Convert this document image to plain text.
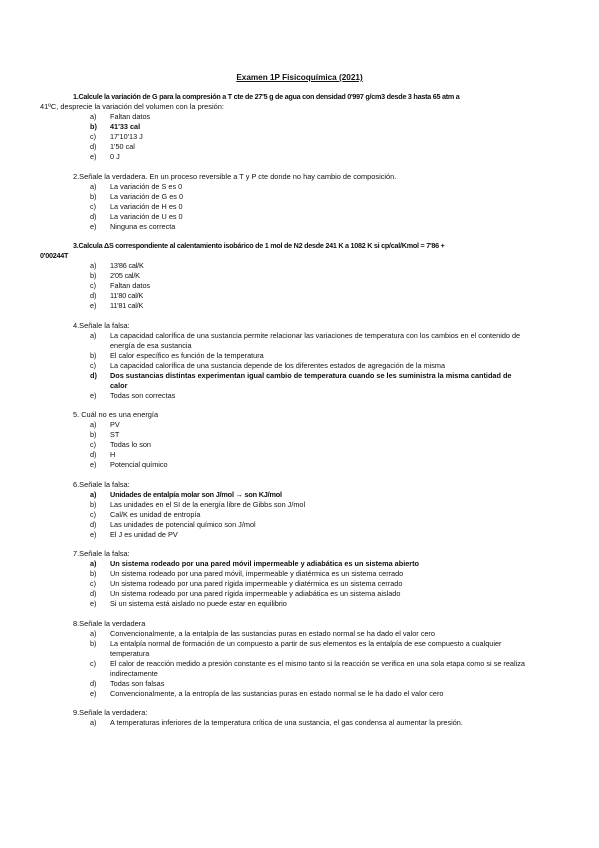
Examen 1P Fisicoquímica (2021)
1.Calcule la variación de G para la compresión a T cte de 27'5 g de agua con densidad 0'997 g/cm3 desde 3 hasta 65 atm a
41ºC, desprecie la variación del volumen con la presión:
a)	Faltan datos
b)	41'33 cal
c)	17'10'13 J
d)	1'50 cal
e)	0 J
2.Señale la verdadera. En un proceso reversible a T y P cte donde no hay cambio de composición.
a)	La variación de S es 0
b)	La variación de G es 0
c)	La variación de H es 0
d)	La variación de U es 0
e)	Ninguna es correcta
3.Calcula ΔS correspondiente al calentamiento isobárico de 1 mol de N2 desde 241 K a 1082 K si cp/cal/Kmol = 7'86 +
0'00244T
a)	13'86 cal/K
b)	2'05 cal/K
c)	Faltan datos
d)	11'80 cal/K
e)	11'81 cal/K
4.Señale la falsa:
a)	La capacidad calorífica de una sustancia permite relacionar las variaciones de temperatura con los cambios en el contenido de energía de esa sustancia
b)	El calor específico es función de la temperatura
c)	La capacidad calorífica de una sustancia depende de los diferentes estados de agregación de la misma
d)	Dos sustancias distintas experimentan igual cambio de temperatura cuando se les suministra la misma cantidad de calor
e)	Todas son correctas
5. Cuál no es una energía
a)	PV
b)	ST
c)	Todas lo son
d)	H
e)	Potencial químico
6.Señale la falsa:
a)	Unidades de entalpía molar son J/mol → son KJ/mol
b)	Las unidades en el SI de la energía libre de Gibbs son J/mol
c)	Cal/K es unidad de entropía
d)	Las unidades de potencial químico son J/mol
e)	El J es unidad de PV
7.Señale la falsa:
a)	Un sistema rodeado por una pared móvil impermeable y adiabática es un sistema abierto
b)	Un sistema rodeado por una pared móvil, impermeable y diatérmica es un sistema cerrado
c)	Un sistema rodeado por una pared rígida impermeable y diatérmica es un sistema cerrado
d)	Un sistema rodeado por una pared rígida impermeable y adiabática es un sistema aislado
e)	Si un sistema está aislado no puede estar en equilibrio
8.Señale la verdadera
a)	Convencionalmente, a la entalpía de las sustancias puras en estado normal se ha dado el valor cero
b)	La entalpía normal de formación de un compuesto a partir de sus elementos es la entalpía de ese compuesto a cualquier temperatura
c)	El calor de reacción medido a presión constante es el mismo tanto si la reacción se verifica en una sola etapa como si se realiza indirectamente
d)	Todas son falsas
e)	Convencionalmente, a la entropía de las sustancias puras en estado normal se le ha dado el valor cero
9.Señale la verdadera:
a)	A temperaturas inferiores de la temperatura crítica de una sustancia, el gas condensa al aumentar la presión.
